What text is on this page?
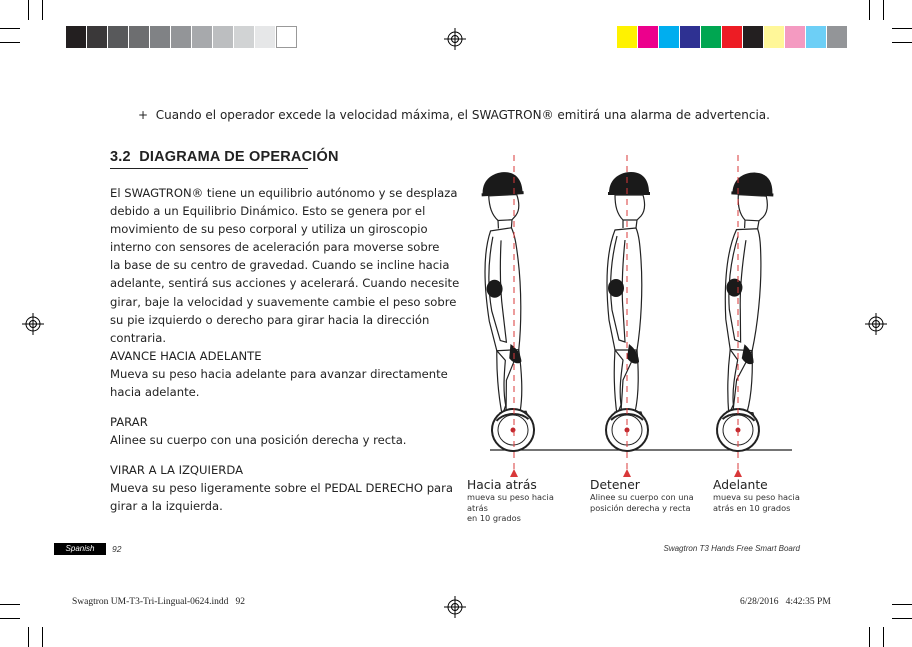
+ Cuando el operador excede la velocidad máxima, el SWAGTRON® emitirá una alarma de advertencia.
3.2  DIAGRAMA DE OPERACIÓN

El SWAGTRON® tiene un equilibrio autónomo y se desplaza

debido a un Equilibrio Dinámico. Esto se genera por el

movimiento de su peso corporal y utiliza un giroscopio

interno con sensores de aceleración para moverse sobre

la base de su centro de gravedad. Cuando se incline hacia

adelante, sentirá sus acciones y acelerará. Cuando necesite

girar, baje la velocidad y suavemente cambie el peso sobre

su pie izquierdo o derecho para girar hacia la dirección

contraria.

AVANCE HACIA ADELANTE

Mueva su peso hacia adelante para avanzar directamente

hacia adelante.

PARAR

Alinee su cuerpo con una posición derecha y recta.

VIRAR A LA IZQUIERDA

Mueva su peso ligeramente sobre el PEDAL DERECHO para

girar a la izquierda.

Hacia atrás
mueva su peso hacia atrás
en 10 grados
Detener
Alinee su cuerpo con una
posición derecha y recta
Adelante
mueva su peso hacia
atrás en 10 grados
Spanish	92	Swagtron T3 Hands Free Smart Board
Swagtron UM-T3-Tri-Lingual-0624.indd   92	6/28/2016   4:42:35 PM
